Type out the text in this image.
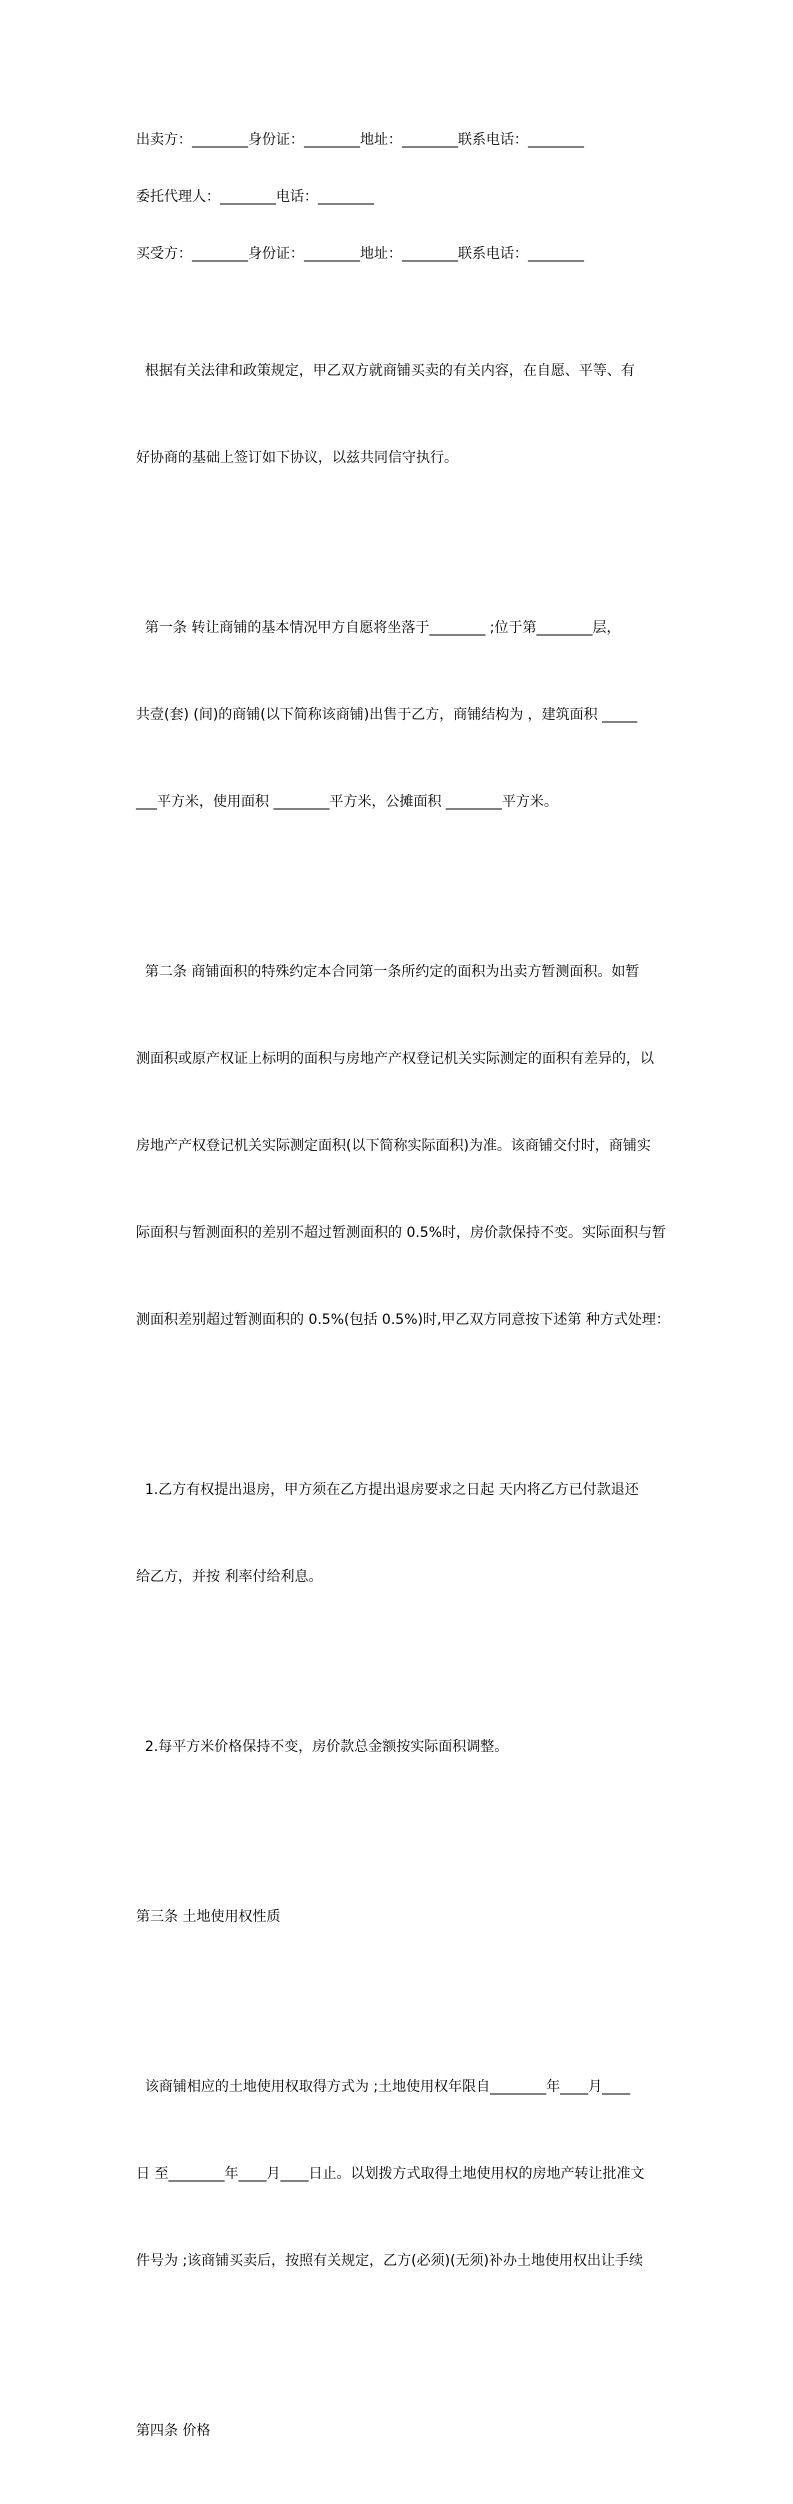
出卖方：________身份证：________地址：________联系电话：________
委托代理人：________电话：________
买受方：________身份证：________地址：________联系电话：________

根据有关法律和政策规定，甲乙双方就商铺买卖的有关内容，在自愿、平等、有

好协商的基础上签订如下协议，以兹共同信守执行。

第一条 转让商铺的基本情况甲方自愿将坐落于________ ;位于第________层，

共壹(套) (间)的商铺(以下简称该商铺)出售于乙方，商铺结构为 ，建筑面积 _____

___平方米，使用面积 ________平方米，公摊面积 ________平方米。

第二条 商铺面积的特殊约定本合同第一条所约定的面积为出卖方暂测面积。如暂

测面积或原产权证上标明的面积与房地产产权登记机关实际测定的面积有差异的，以

房地产产权登记机关实际测定面积(以下简称实际面积)为准。该商铺交付时，商铺实

际面积与暂测面积的差别不超过暂测面积的 0.5%时，房价款保持不变。实际面积与暂

测面积差别超过暂测面积的 0.5%(包括 0.5%)时,甲乙双方同意按下述第 种方式处理：

1.乙方有权提出退房，甲方须在乙方提出退房要求之日起 天内将乙方已付款退还

给乙方，并按 利率付给利息。

2.每平方米价格保持不变，房价款总金额按实际面积调整。

第三条 土地使用权性质

该商铺相应的土地使用权取得方式为 ;土地使用权年限自________年____月____

日 至________年____月____日止。以划拨方式取得土地使用权的房地产转让批准文

件号为 ;该商铺买卖后，按照有关规定，乙方(必须)(无须)补办土地使用权出让手续

第四条 价格
